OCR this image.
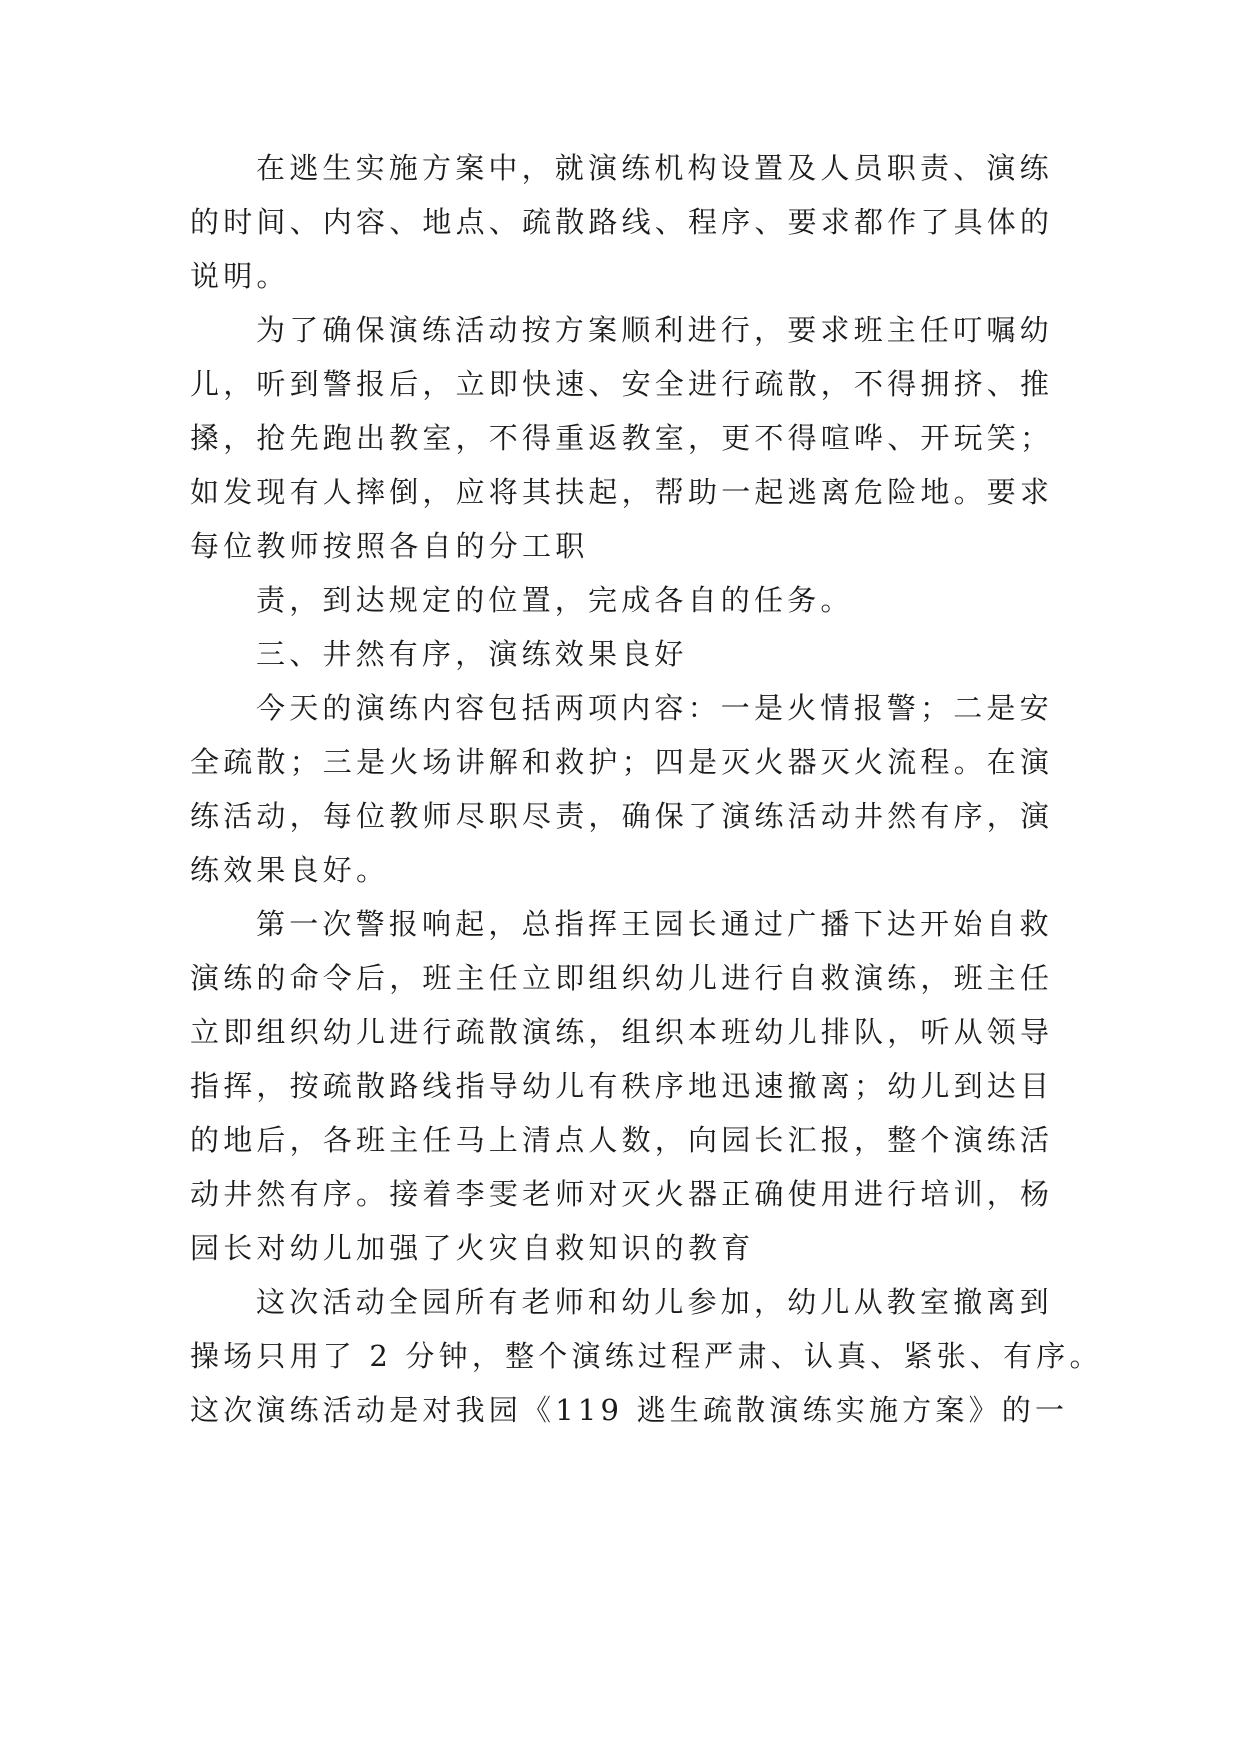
在逃生实施方案中，就演练机构设置及人员职责、演练

的时间、内容、地点、疏散路线、程序、要求都作了具体的

说明。

为了确保演练活动按方案顺利进行，要求班主任叮嘱幼

儿，听到警报后，立即快速、安全进行疏散，不得拥挤、推

搡，抢先跑出教室，不得重返教室，更不得喧哗、开玩笑；

如发现有人摔倒，应将其扶起，帮助一起逃离危险地。要求

每位教师按照各自的分工职

责，到达规定的位置，完成各自的任务。

三、井然有序，演练效果良好

今天的演练内容包括两项内容：一是火情报警；二是安

全疏散；三是火场讲解和救护；四是灭火器灭火流程。在演

练活动，每位教师尽职尽责，确保了演练活动井然有序，演

练效果良好。

第一次警报响起，总指挥王园长通过广播下达开始自救

演练的命令后，班主任立即组织幼儿进行自救演练，班主任

立即组织幼儿进行疏散演练，组织本班幼儿排队，听从领导

指挥，按疏散路线指导幼儿有秩序地迅速撤离；幼儿到达目

的地后，各班主任马上清点人数，向园长汇报，整个演练活

动井然有序。接着李雯老师对灭火器正确使用进行培训，杨

园长对幼儿加强了火灾自救知识的教育

这次活动全园所有老师和幼儿参加，幼儿从教室撤离到

操场只用了 2 分钟，整个演练过程严肃、认真、紧张、有序。

这次演练活动是对我园《119 逃生疏散演练实施方案》的一
